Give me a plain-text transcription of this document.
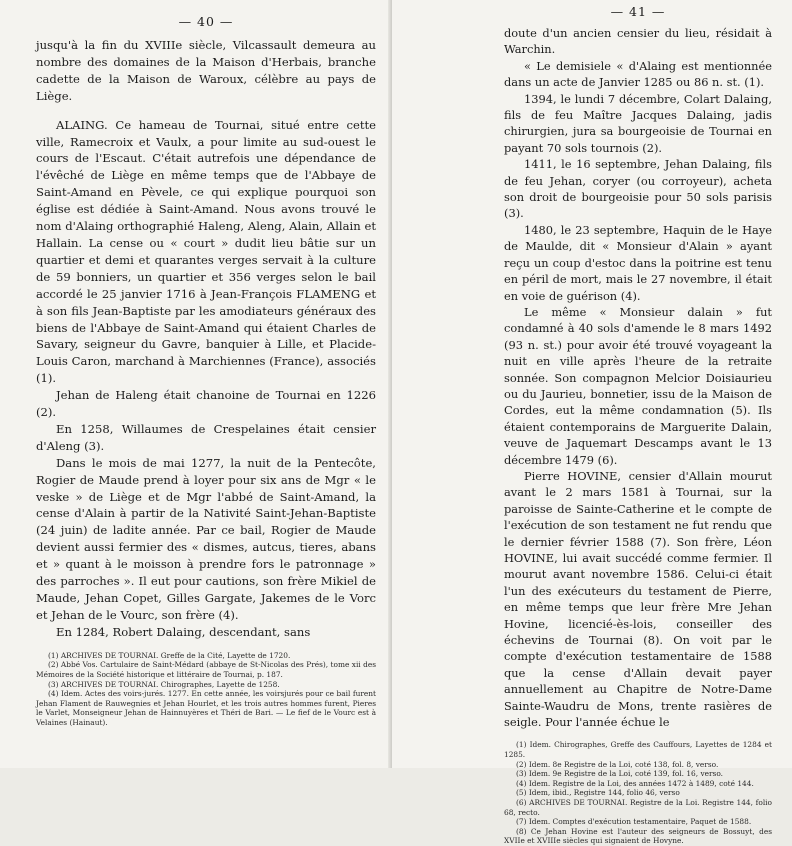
— 40 —

jusqu'à la fin du XVIIIe siècle, Vilcassault demeura au nombre des domaines de la Maison d'Herbais, branche cadette de la Maison de Waroux, célèbre au pays de Liège.

ALAING. Ce hameau de Tournai, situé entre cette ville, Ramecroix et Vaulx, a pour limite au sud-ouest le cours de l'Escaut. C'était autrefois une dépendance de l'évêché de Liège en même temps que de l'Abbaye de Saint-Amand en Pèvele, ce qui explique pourquoi son église est dédiée à Saint-Amand. Nous avons trouvé le nom d'Alaing orthographié Haleng, Aleng, Alain, Allain et Hallain. La cense ou « court » dudit lieu bâtie sur un quartier et demi et quarantes verges servait à la culture de 59 bonniers, un quartier et 356 verges selon le bail accordé le 25 janvier 1716 à Jean-François FLAMENG et à son fils Jean-Baptiste par les amodiateurs généraux des biens de l'Abbaye de Saint-Amand qui étaient Charles de Savary, seigneur du Gavre, banquier à Lille, et Placide-Louis Caron, marchand à Marchiennes (France), associés (1).

Jehan de Haleng était chanoine de Tournai en 1226 (2).

En 1258, Willaumes de Crespelaines était censier d'Aleng (3).

Dans le mois de mai 1277, la nuit de la Pentecôte, Rogier de Maude prend à loyer pour six ans de Mgr « le veske » de Liège et de Mgr l'abbé de Saint-Amand, la cense d'Alain à partir de la Nativité Saint-Jehan-Baptiste (24 juin) de ladite année. Par ce bail, Rogier de Maude devient aussi fermier des « dismes, autcus, tieres, abans et » quant à le moisson à prendre fors le patronnage » des parroches ». Il eut pour cautions, son frère Mikiel de Maude, Jehan Copet, Gilles Gargate, Jakemes de le Vorc et Jehan de le Vourc, son frère (4).

En 1284, Robert Dalaing, descendant, sans

(1) ARCHIVES DE TOURNAI. Greffe de la Cité, Layette de 1720.

(2) Abbé Vos. Cartulaire de Saint-Médard (abbaye de St-Nicolas des Prés), tome xii des Mémoires de la Société historique et littéraire de Tournai, p. 187.

(3) ARCHIVES DE TOURNAI. Chirographes, Layette de 1258.

(4) Idem. Actes des voirs-jurés. 1277. En cette année, les voirsjurés pour ce bail furent Jehan Flament de Rauwegnies et Jehan Hourlet, et les trois autres hommes furent, Pieres le Varlet, Monseigneur Jehan de Hainnuyères et Théri de Bari. — Le fief de le Vourc est à Velaines (Hainaut).

— 41 —

doute d'un ancien censier du lieu, résidait à Warchin.

« Le demisiele « d'Alaing est mentionnée dans un acte de Janvier 1285 ou 86 n. st. (1).

1394, le lundi 7 décembre, Colart Dalaing, fils de feu Maître Jacques Dalaing, jadis chirurgien, jura sa bourgeoisie de Tournai en payant 70 sols tournois (2).

1411, le 16 septembre, Jehan Dalaing, fils de feu Jehan, coryer (ou corroyeur), acheta son droit de bourgeoisie pour 50 sols parisis (3).

1480, le 23 septembre, Haquin de le Haye de Maulde, dit « Monsieur d'Alain » ayant reçu un coup d'estoc dans la poitrine est tenu en péril de mort, mais le 27 novembre, il était en voie de guérison (4).

Le même « Monsieur dalain » fut condamné à 40 sols d'amende le 8 mars 1492 (93 n. st.) pour avoir été trouvé voyageant la nuit en ville après l'heure de la retraite sonnée. Son compagnon Melcior Doisiaurieu ou du Jaurieu, bonnetier, issu de la Maison de Cordes, eut la même condamnation (5). Ils étaient contemporains de Marguerite Dalain, veuve de Jaquemart Descamps avant le 13 décembre 1479 (6).

Pierre HOVINE, censier d'Allain mourut avant le 2 mars 1581 à Tournai, sur la paroisse de Sainte-Catherine et le compte de l'exécution de son testament ne fut rendu que le dernier février 1588 (7). Son frère, Léon HOVINE, lui avait succédé comme fermier. Il mourut avant novembre 1586. Celui-ci était l'un des exécuteurs du testament de Pierre, en même temps que leur frère Mre Jehan Hovine, licencié-ès-lois, conseiller des échevins de Tournai (8). On voit par le compte d'exécution testamentaire de 1588 que la cense d'Allain devait payer annuellement au Chapitre de Notre-Dame Sainte-Waudru de Mons, trente rasières de seigle. Pour l'année échue le

(1) Idem. Chirographes, Greffe des Cauffours, Layettes de 1284 et 1285.

(2) Idem. 8e Registre de la Loi, coté 138, fol. 8, verso.

(3) Idem. 9e Registre de la Loi, coté 139, fol. 16, verso.

(4) Idem. Registre de la Loi, des années 1472 à 1489, coté 144.

(5) Idem, ibid., Registre 144, folio 46, verso

(6) ARCHIVES DE TOURNAI. Registre de la Loi. Registre 144, folio 68, recto.

(7) Idem. Comptes d'exécution testamentaire, Paquet de 1588.

(8) Ce Jehan Hovine est l'auteur des seigneurs de Bossuyt, des XVIIe et XVIIIe siècles qui signaient de Hovyne.
